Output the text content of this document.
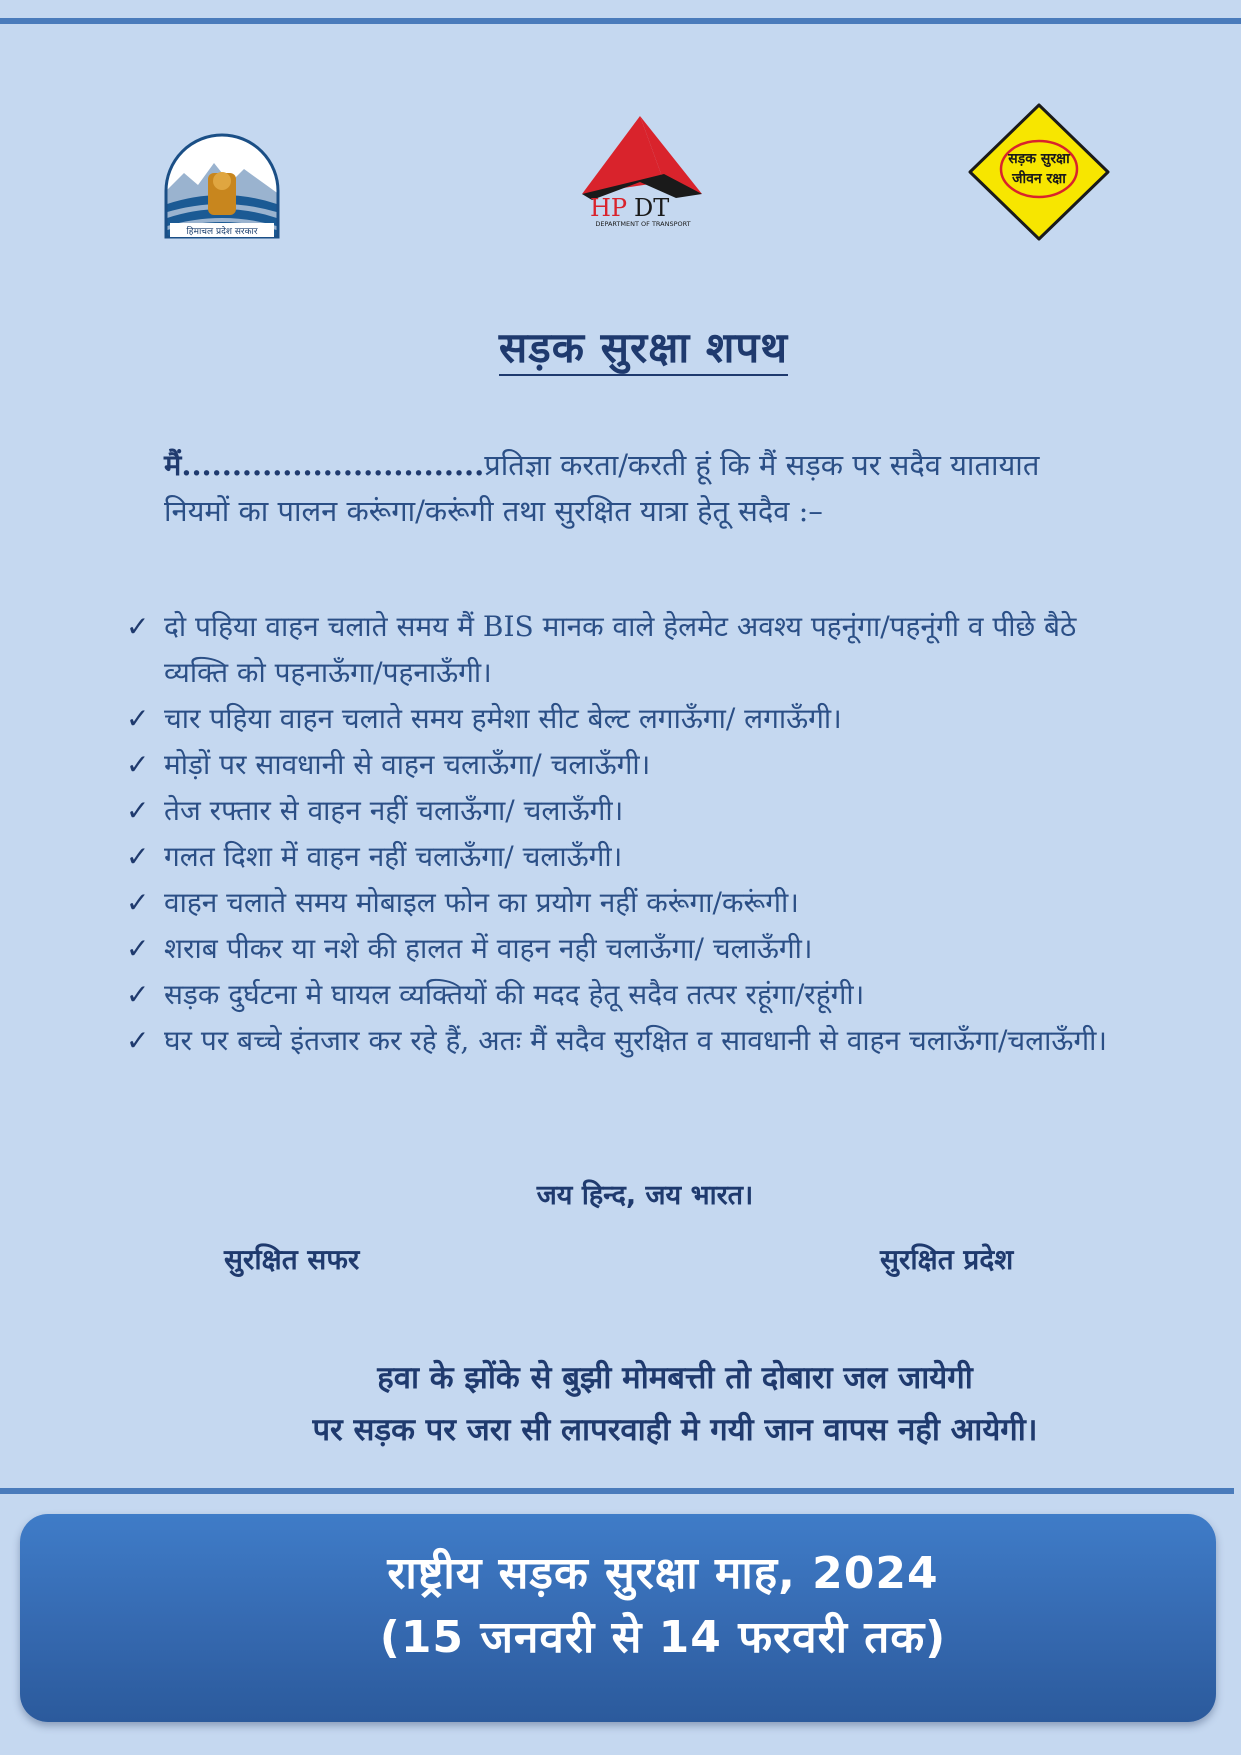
हिमाचल प्रदेश सरकार
HP DT
DEPARTMENT OF TRANSPORT
सड़क सुरक्षा
जीवन रक्षा
सड़क सुरक्षा शपथ
मैं..............................प्रतिज्ञा करता/करती हूं कि मैं सड़क पर सदैव यातायात नियमों का पालन करूंगा/करूंगी तथा सुरक्षित यात्रा हेतू सदैव :–
✓ दो पहिया वाहन चलाते समय मैं BIS मानक वाले हेलमेट अवश्य पहनूंगा/पहनूंगी व पीछे बैठे व्यक्ति को पहनाऊँगा/पहनाऊँगी।
✓ चार पहिया वाहन चलाते समय हमेशा सीट बेल्ट लगाऊँगा/ लगाऊँगी।
✓ मोड़ों पर सावधानी से वाहन चलाऊँगा/ चलाऊँगी।
✓ तेज रफ्तार से वाहन नहीं चलाऊँगा/ चलाऊँगी।
✓ गलत दिशा में वाहन नहीं चलाऊँगा/ चलाऊँगी।
✓ वाहन चलाते समय मोबाइल फोन का प्रयोग नहीं करूंगा/करूंगी।
✓ शराब पीकर या नशे की हालत में वाहन नही चलाऊँगा/ चलाऊँगी।
✓ सड़क दुर्घटना मे घायल व्यक्तियों की मदद हेतू सदैव तत्पर रहूंगा/रहूंगी।
✓ घर पर बच्चे इंतजार कर रहे हैं, अतः मैं सदैव सुरक्षित व सावधानी से वाहन चलाऊँगा/चलाऊँगी।
जय हिन्द, जय भारत।
सुरक्षित सफर	सुरक्षित प्रदेश
हवा के झोंके से बुझी मोमबत्ती तो दोबारा जल जायेगी
पर सड़क पर जरा सी लापरवाही मे गयी जान वापस नही आयेगी।
राष्ट्रीय सड़क सुरक्षा माह, 2024
(15 जनवरी से 14 फरवरी तक)
